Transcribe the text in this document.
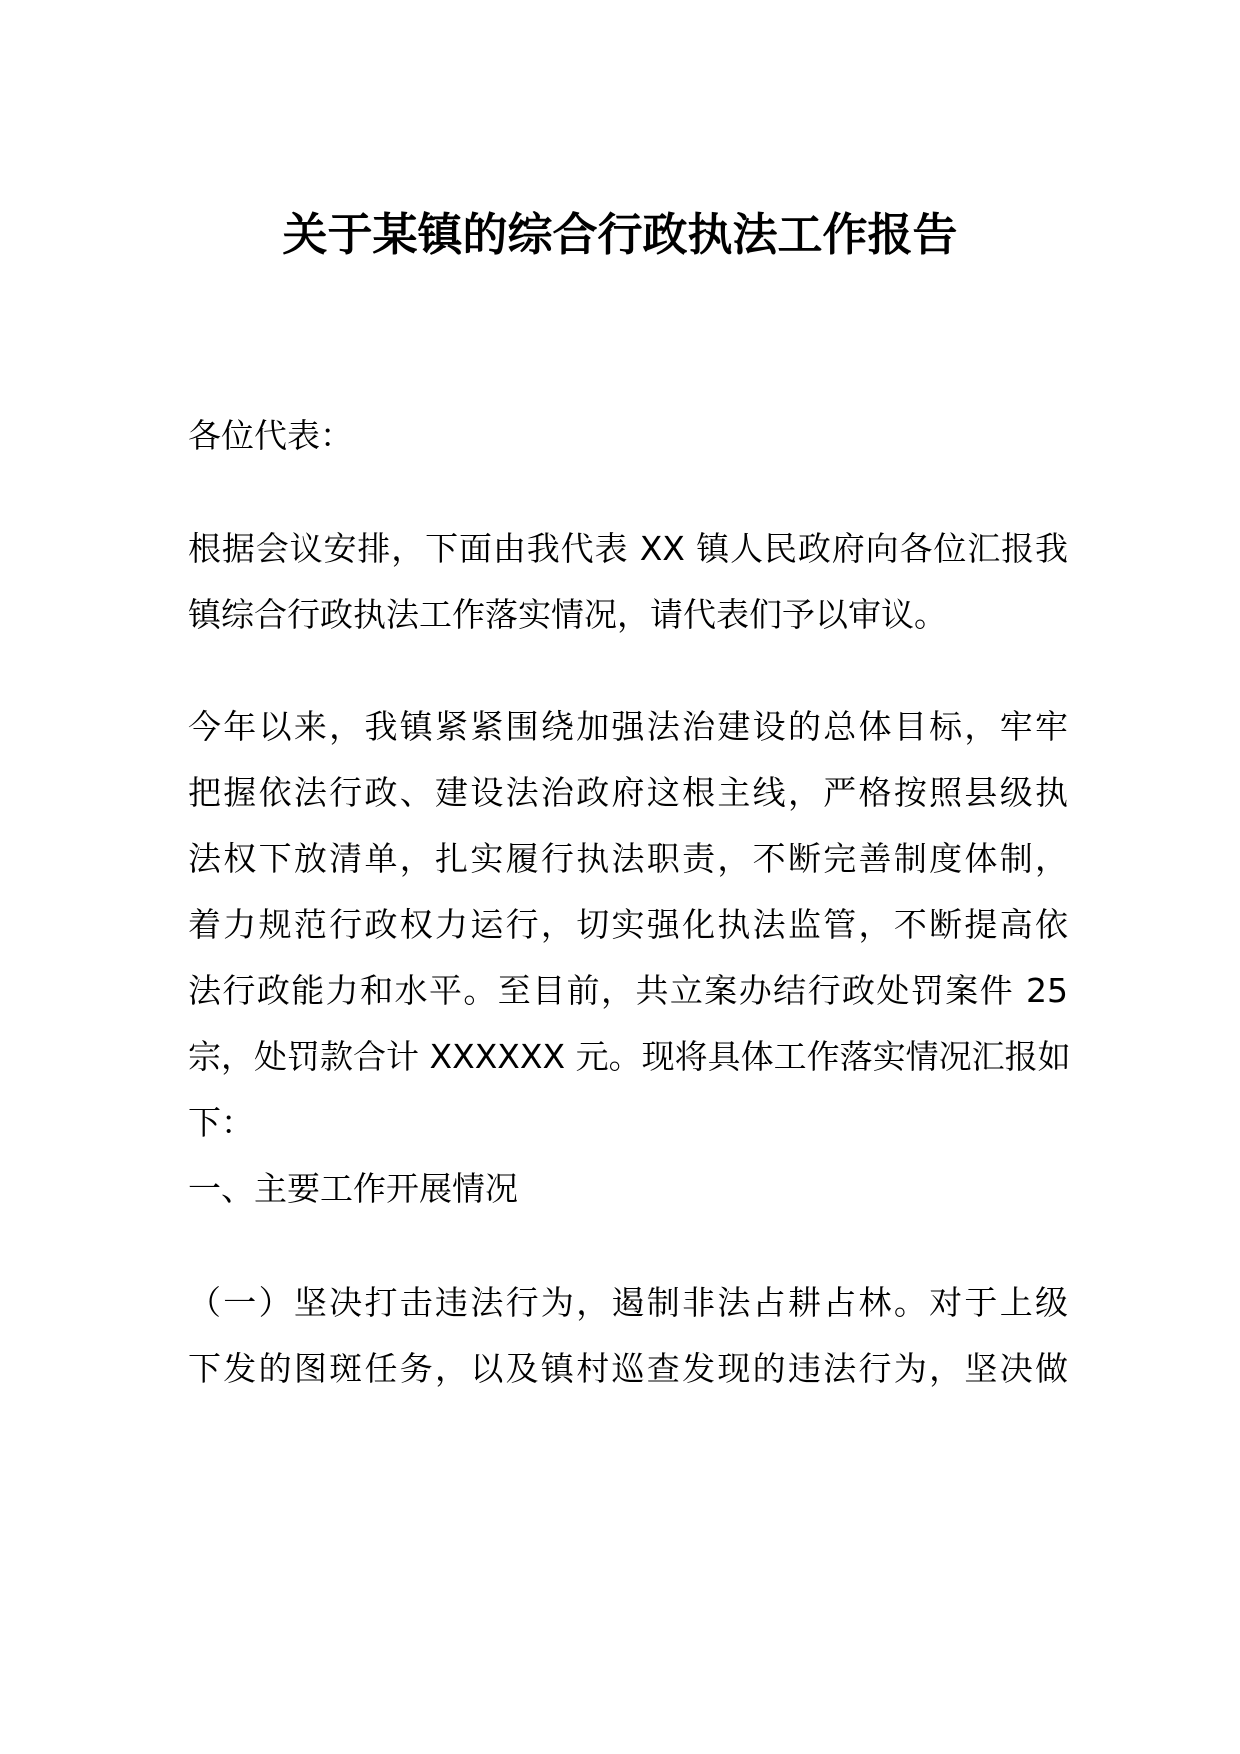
关于某镇的综合行政执法工作报告
各位代表：
根据会议安排，下面由我代表 XX 镇人民政府向各位汇报我
镇综合行政执法工作落实情况，请代表们予以审议。
今年以来，我镇紧紧围绕加强法治建设的总体目标，牢牢
把握依法行政、建设法治政府这根主线，严格按照县级执
法权下放清单，扎实履行执法职责，不断完善制度体制，
着力规范行政权力运行，切实强化执法监管，不断提高依
法行政能力和水平。至目前，共立案办结行政处罚案件 25
宗，处罚款合计 XXXXXX 元。现将具体工作落实情况汇报如
下：
一、主要工作开展情况
（一）坚决打击违法行为，遏制非法占耕占林。对于上级
下发的图斑任务，以及镇村巡查发现的违法行为，坚决做
